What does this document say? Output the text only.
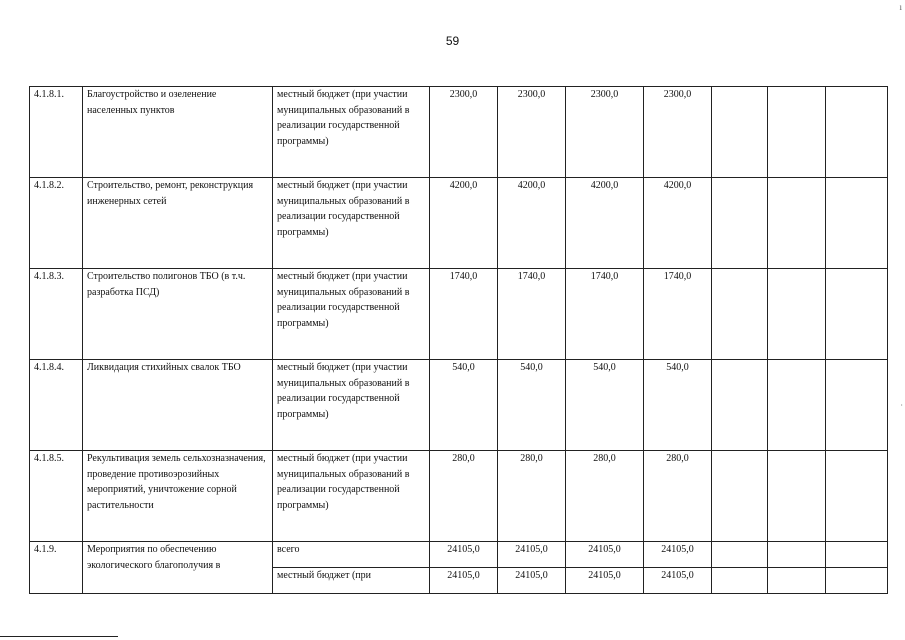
ı
59
4.1.8.1.	Благоустройство и озеленение населенных пунктов	местный бюджет (при участии муниципальных образований в реализации государственной программы)	2300,0	2300,0	2300,0	2300,0			
4.1.8.2.	Строительство, ремонт, реконструкция инженерных сетей	местный бюджет (при участии муниципальных образований в реализации государственной программы)	4200,0	4200,0	4200,0	4200,0			
4.1.8.3.	Строительство полигонов ТБО (в т.ч. разработка ПСД)	местный бюджет (при участии муниципальных образований в реализации государственной программы)	1740,0	1740,0	1740,0	1740,0			
4.1.8.4.	Ликвидация стихийных свалок ТБО	местный бюджет (при участии муниципальных образований в реализации государственной программы)	540,0	540,0	540,0	540,0			
4.1.8.5.	Рекультивация земель сельхозназначения, проведение противоэрозийных мероприятий, уничтожение сорной растительности	местный бюджет (при участии муниципальных образований в реализации государственной программы)	280,0	280,0	280,0	280,0			
4.1.9.	Мероприятия по обеспечению экологического благополучия в	всего	24105,0	24105,0	24105,0	24105,0			
		местный бюджет (при	24105,0	24105,0	24105,0	24105,0			
·
